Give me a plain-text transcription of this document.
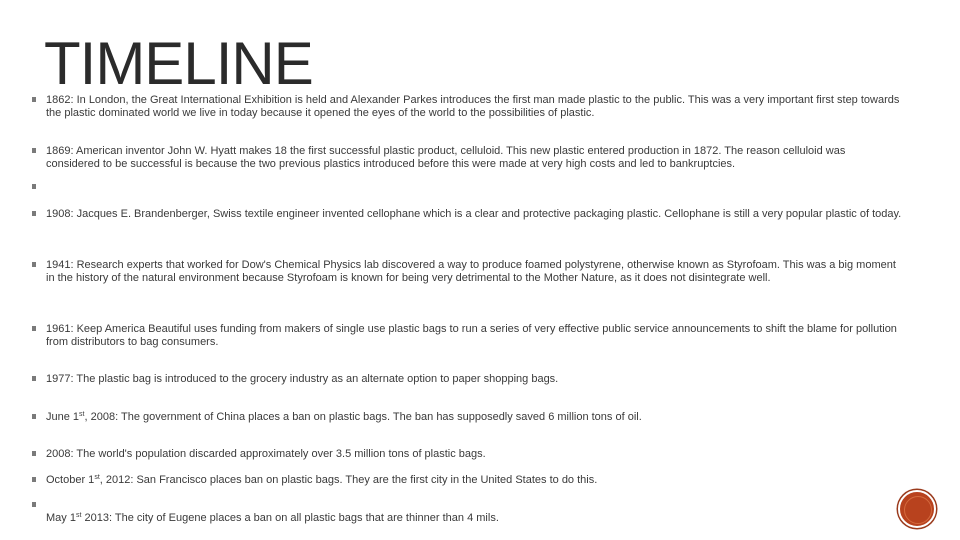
TIMELINE
1862: In London, the Great International Exhibition is held and Alexander Parkes introduces the first man made plastic to the public. This was a very important first step towards the plastic dominated world we live in today because it opened the eyes of the world to the possibilities of plastic.
1869: American inventor John W. Hyatt makes 18 the first successful plastic product, celluloid. This new plastic entered production in 1872. The reason celluloid was considered to be successful is because the two previous plastics introduced before this were made at very high costs and led to bankruptcies.
1908: Jacques E. Brandenberger, Swiss textile engineer invented cellophane which is a clear and protective packaging plastic. Cellophane is still a very popular plastic of today.
1941: Research experts that worked for Dow's Chemical Physics lab discovered a way to produce foamed polystyrene, otherwise known as Styrofoam. This was a big moment in the history of the natural environment because Styrofoam is known for being very detrimental to the Mother Nature, as it does not disintegrate well.
1961: Keep America Beautiful uses funding from makers of single use plastic bags to run a series of very effective public service announcements to shift the blame for pollution from distributors to bag consumers.
1977: The plastic bag is introduced to the grocery industry as an alternate option to paper shopping bags.
June 1st, 2008: The government of China places a ban on plastic bags. The ban has supposedly saved 6 million tons of oil.
2008: The world's population discarded approximately over 3.5 million tons of plastic bags.
October 1st, 2012: San Francisco places ban on plastic bags. They are the first city in the United States to do this.
May 1st 2013: The city of Eugene places a ban on all plastic bags that are thinner than 4 mils.
